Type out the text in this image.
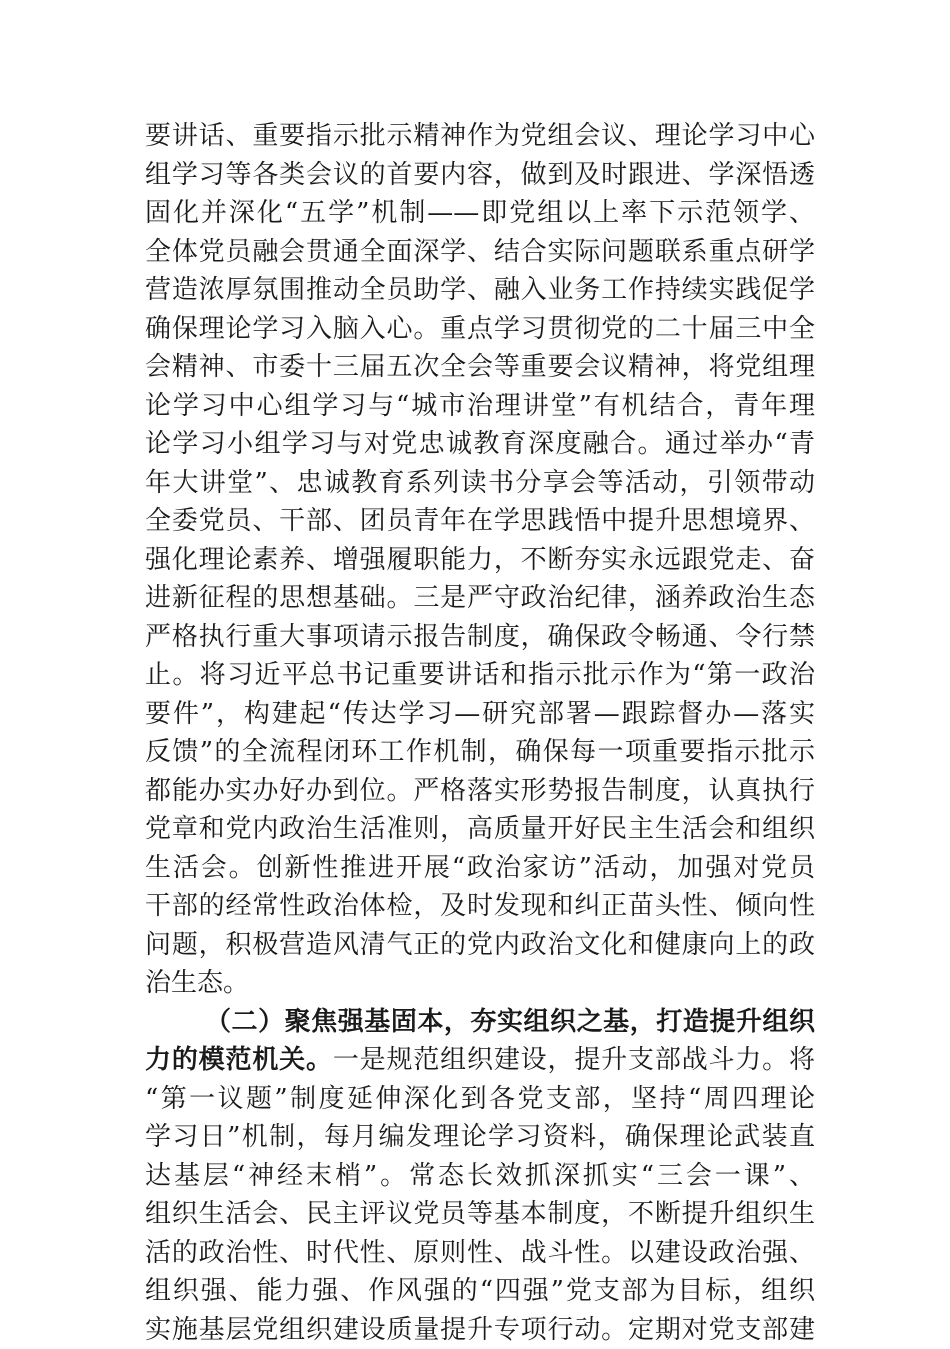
要讲话、重要指示批示精神作为党组会议、理论学习中心
组学习等各类会议的首要内容，做到及时跟进、学深悟透
固化并深化“五学”机制——即党组以上率下示范领学、
全体党员融会贯通全面深学、结合实际问题联系重点研学
营造浓厚氛围推动全员助学、融入业务工作持续实践促学
确保理论学习入脑入心。重点学习贯彻党的二十届三中全
会精神、市委十三届五次全会等重要会议精神，将党组理
论学习中心组学习与“城市治理讲堂”有机结合，青年理
论学习小组学习与对党忠诚教育深度融合。通过举办“青
年大讲堂”、忠诚教育系列读书分享会等活动，引领带动
全委党员、干部、团员青年在学思践悟中提升思想境界、
强化理论素养、增强履职能力，不断夯实永远跟党走、奋
进新征程的思想基础。三是严守政治纪律，涵养政治生态
严格执行重大事项请示报告制度，确保政令畅通、令行禁
止。将习近平总书记重要讲话和指示批示作为“第一政治
要件”，构建起“传达学习—研究部署—跟踪督办—落实
反馈”的全流程闭环工作机制，确保每一项重要指示批示
都能办实办好办到位。严格落实形势报告制度，认真执行
党章和党内政治生活准则，高质量开好民主生活会和组织
生活会。创新性推进开展“政治家访”活动，加强对党员
干部的经常性政治体检，及时发现和纠正苗头性、倾向性
问题，积极营造风清气正的党内政治文化和健康向上的政
治生态。
（二）聚焦强基固本，夯实组织之基，打造提升组织
力的模范机关。一是规范组织建设，提升支部战斗力。将
“第一议题”制度延伸深化到各党支部，坚持“周四理论
学习日”机制，每月编发理论学习资料，确保理论武装直
达基层“神经末梢”。常态长效抓深抓实“三会一课”、
组织生活会、民主评议党员等基本制度，不断提升组织生
活的政治性、时代性、原则性、战斗性。以建设政治强、
组织强、能力强、作风强的“四强”党支部为目标，组织
实施基层党组织建设质量提升专项行动。定期对党支部建
